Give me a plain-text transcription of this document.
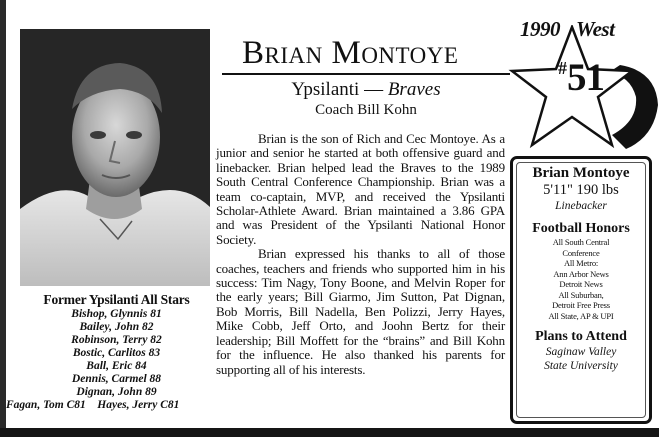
Former Ypsilanti All Stars
Bishop, Glynnis 81
Bailey, John 82
Robinson, Terry 82
Bostic, Carlitos 83
Ball, Eric 84
Dennis, Carmel 88
Dignan, John 89
Fagan, Tom C81    Hayes, Jerry C81
Brian Montoye
Ypsilanti — Braves
Coach Bill Kohn

Brian is the son of Rich and Cec Montoye. As a junior and senior he started at both offensive guard and linebacker. Brian helped lead the Braves to the 1989 South Central Conference Championship. Brian was a team co-captain, MVP, and received the Ypsilanti Scholar-Athlete Award. Brian maintained a 3.86 GPA and was President of the Ypsilanti National Honor Society.

Brian expressed his thanks to all of those coaches, teachers and friends who supported him in his success: Tim Nagy, Tony Boone, and Melvin Roper for the early years; Bill Giarmo, Jim Sutton, Pat Dignan, Bob Morris, Bill Nadella, Ben Polizzi, Jerry Hayes, Mike Cobb, Jeff Orto, and Joohn Bertz for their leadership; Bill Moffett for the “brains” and Bill Kohn for the influence. He also thanked his parents for supporting all of his interests.

#51
1990 West
Brian Montoye
5'11" 190 lbs
Linebacker
Football Honors
All South Central
Conference
All Metro:
Ann Arbor News
Detroit News
All Suburban,
Detroit Free Press
All State, AP & UPI
Plans to Attend
Saginaw Valley
State University
